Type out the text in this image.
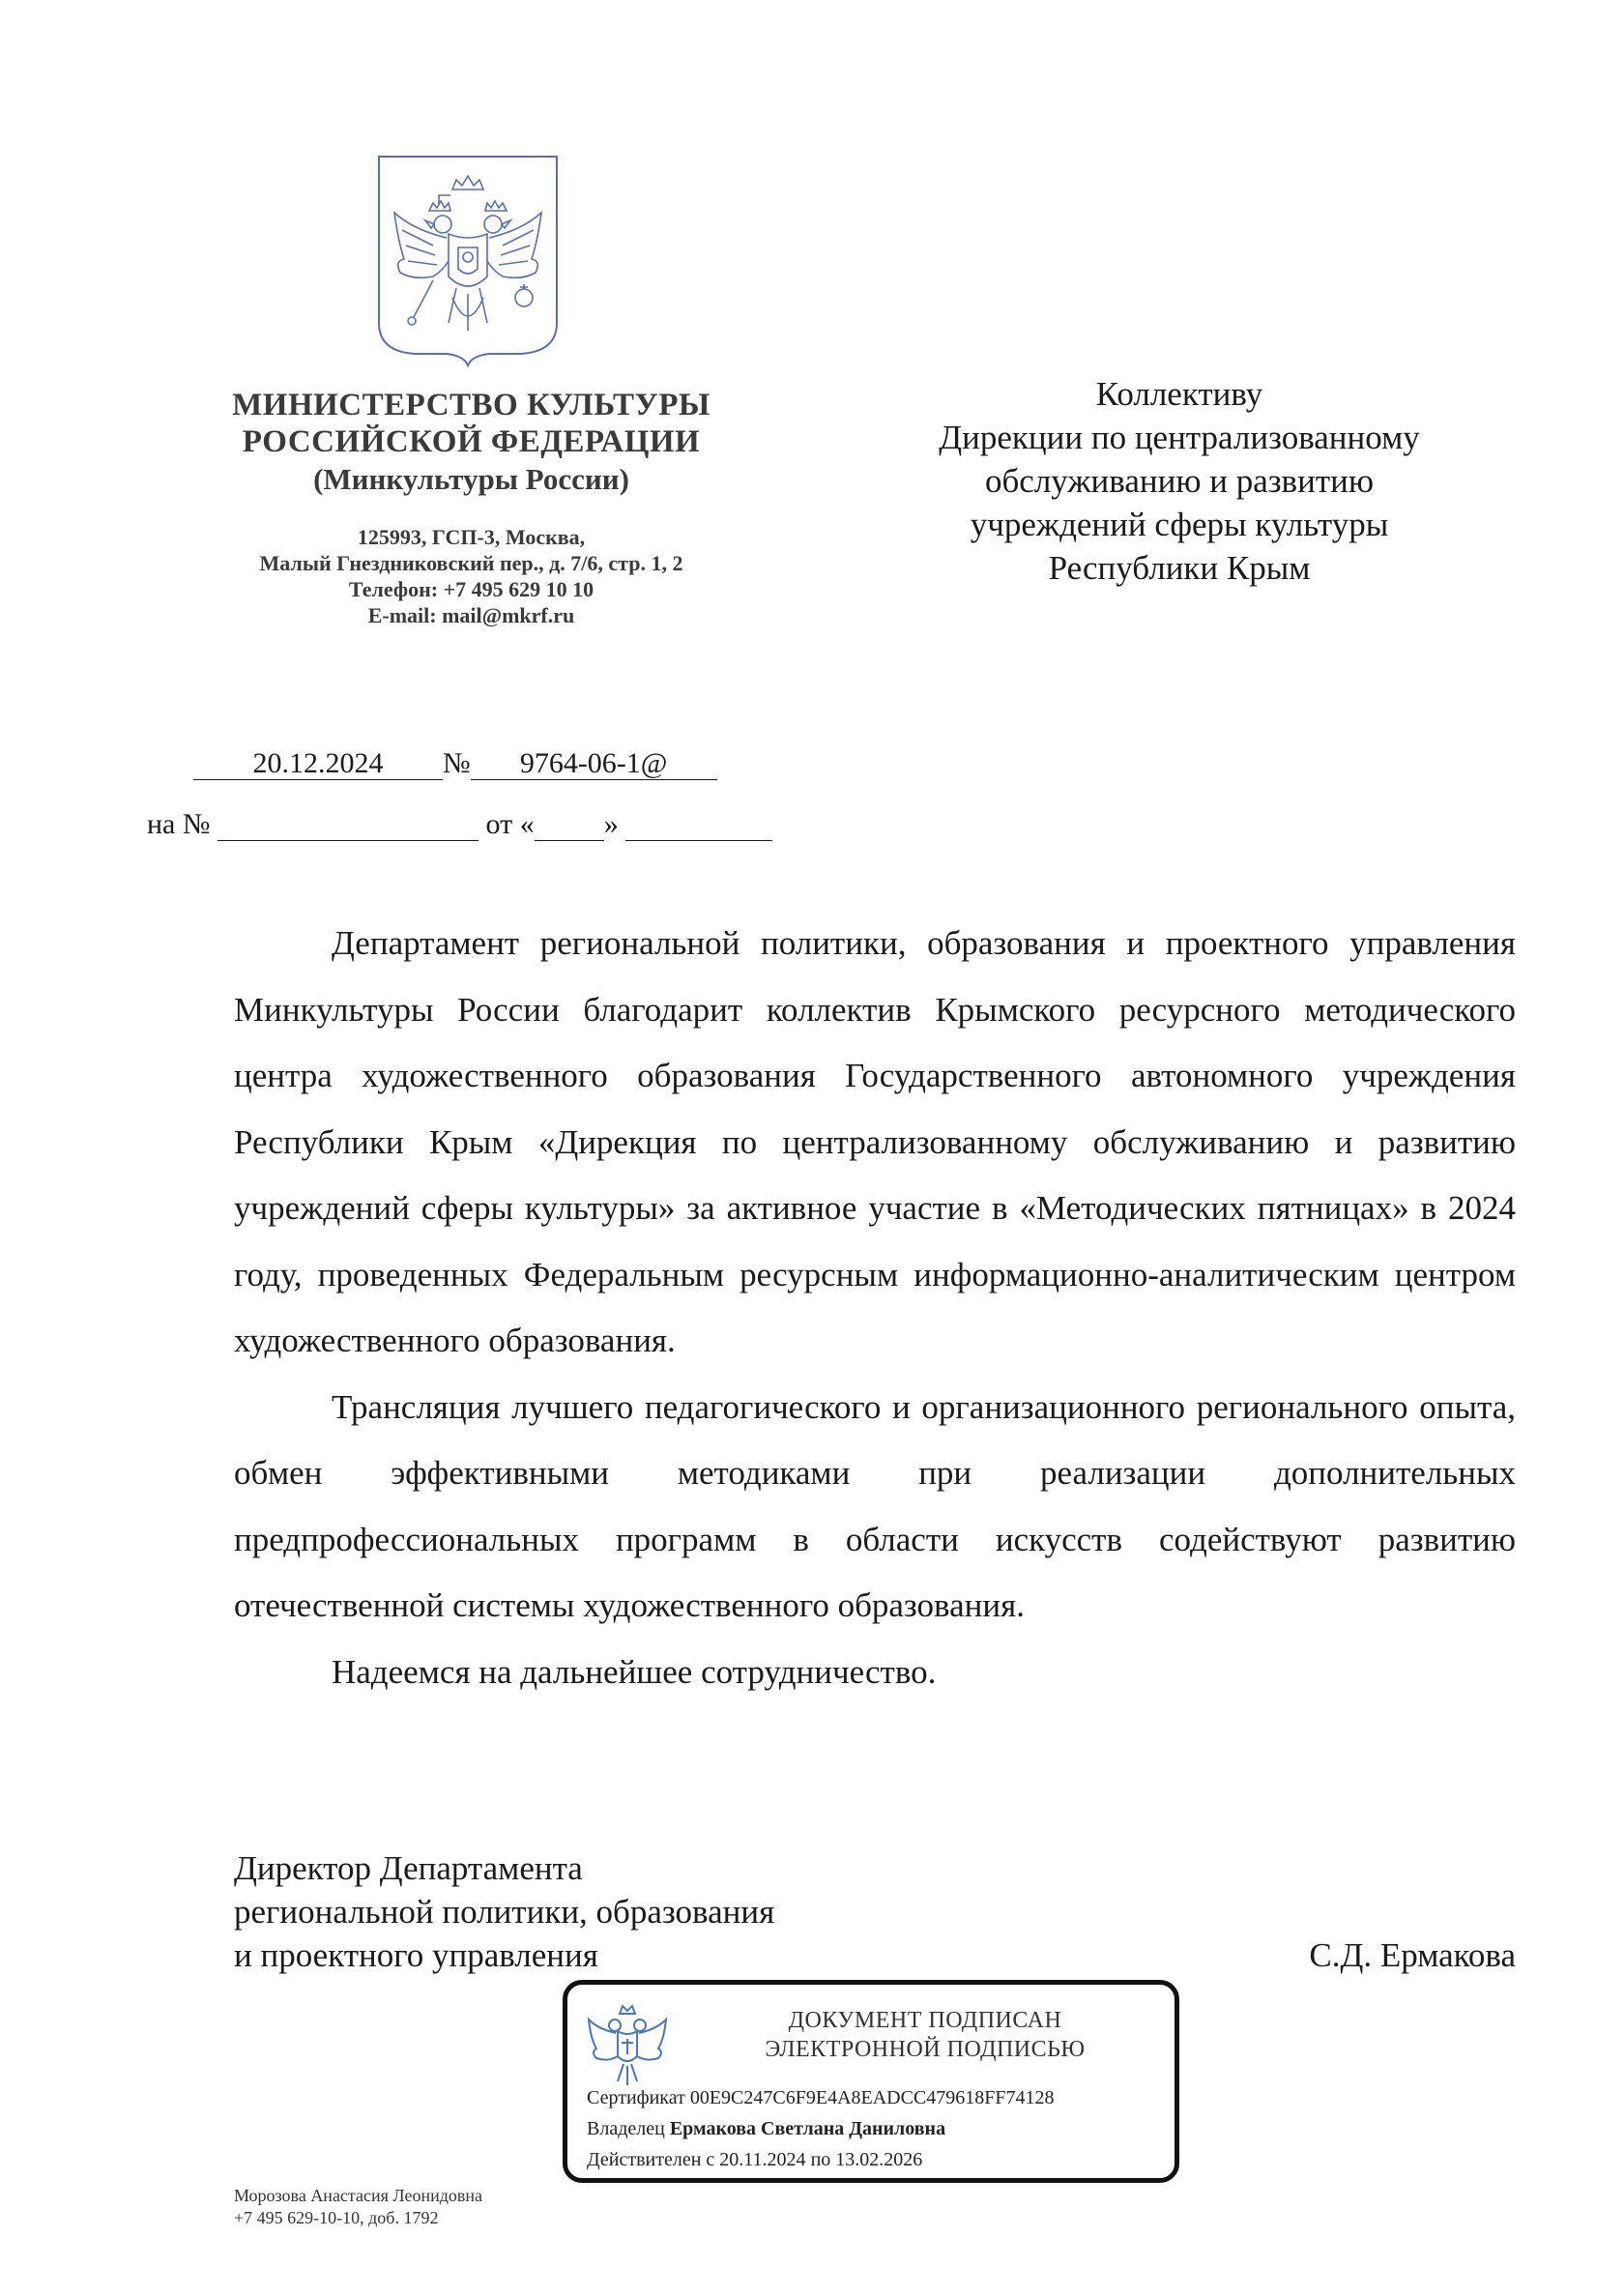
МИНИСТЕРСТВО КУЛЬТУРЫ
РОССИЙСКОЙ ФЕДЕРАЦИИ
(Минкультуры России)
125993, ГСП-3, Москва,
Малый Гнездниковский пер., д. 7/6, стр. 1, 2
Телефон: +7 495 629 10 10
E-mail: mail@mkrf.ru
Коллективу
Дирекции по централизованному
обслуживанию и развитию
учреждений сферы культуры
Республики Крым
20.12.2024 № 9764-06-1@
на №	от « »

Департамент региональной политики, образования и проектного управления Минкультуры России благодарит коллектив Крымского ресурсного методического центра художественного образования Государственного автономного учреждения Республики Крым «Дирекция по централизованному обслуживанию и развитию учреждений сферы культуры» за активное участие в «Методических пятницах» в 2024 году, проведенных Федеральным ресурсным информационно-аналитическим центром художественного образования.

Трансляция лучшего педагогического и организационного регионального опыта, обмен эффективными методиками при реализации дополнительных предпрофессиональных программ в области искусств содействуют развитию отечественной системы художественного образования.

Надеемся на дальнейшее сотрудничество.

Директор Департамента
региональной политики, образования
и проектного управления	С.Д. Ермакова
ДОКУМЕНТ ПОДПИСАН
ЭЛЕКТРОННОЙ ПОДПИСЬЮ
Сертификат 00E9C247C6F9E4A8EADCC479618FF74128
Владелец Ермакова Светлана Даниловна
Действителен с 20.11.2024 по 13.02.2026
Морозова Анастасия Леонидовна
+7 495 629-10-10, доб. 1792
